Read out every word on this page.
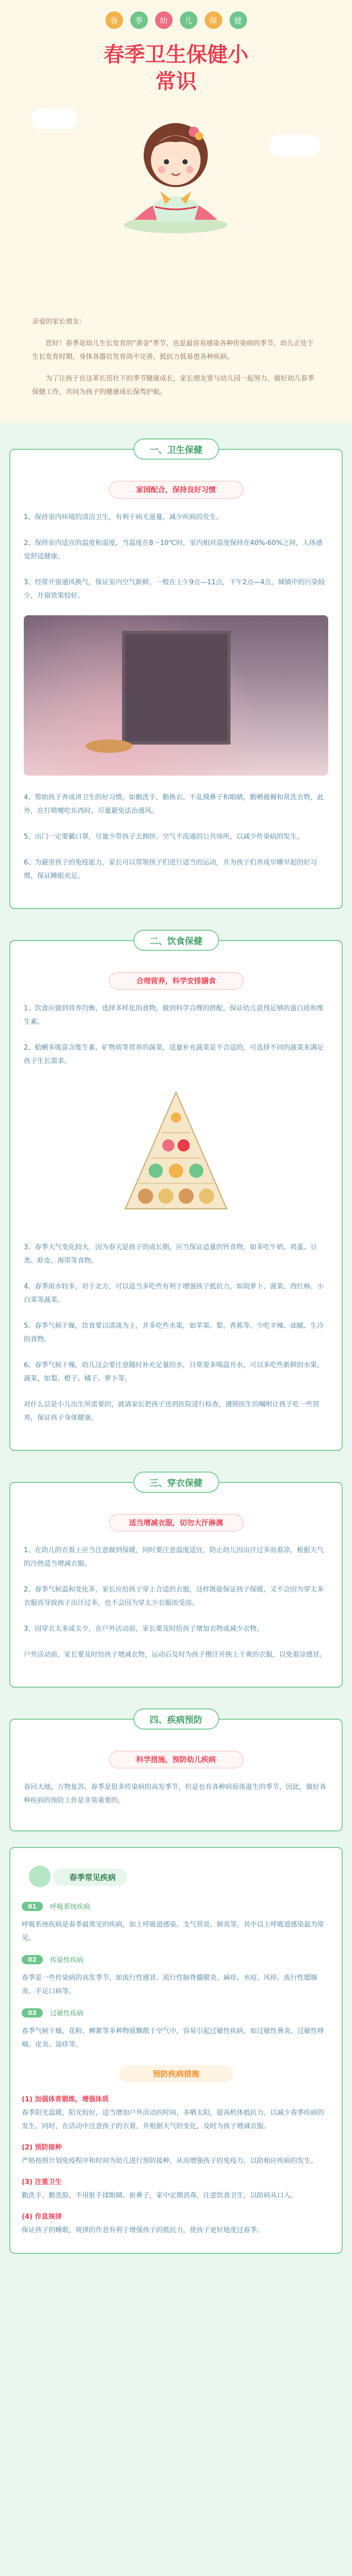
春	季	幼	儿	保	健
春季卫生保健小
常识

亲爱的家长朋友：

您好！春季是幼儿生长发育的"黄金"季节，也是最容易感染各种传染病的季节，幼儿正处于生长发育时期，身体各器官发育尚不完善，抵抗力低易患各种疾病。

为了让孩子在这革长茁壮下的季节健康成长，家长朋友要与幼儿园一起努力，做好幼儿春季保健工作，共同为孩子的健康成长保驾护航。

一、卫生保健
家园配合，保持良好习惯
1、保持室内环境的清洁卫生，有利于病无滋蔓，减少疾病的发生。
2、保持室内适宜的温度和湿度，当温度在8～10℃时，室内相对湿度保持在40%-60%之间，人体感觉舒适健康。
3、经常开窗通风换气，保证室内空气新鲜，一般在上午9点—11点，下午2点—4点，城镇中的污染较少，开窗效果较好。
4、帮助孩子养成讲卫生的好习惯，如勤洗手、勤换衣、不乱摸鼻子和眼睛，勤晒被褥和常洗衣物，此外，在打喷嚏吃东西时，尽量避免法治通风。
5、出门一定要戴口罩，尽量少带孩子去拥挤、空气不流通的公共场所，以减少传染病的发生。
6、为避害孩子的免疫能力，家长可以带领孩子们进行适当的运动，并为孩子们养成早睡早起的好习惯，保证睡眠充足。
二、饮食保健
合理营养，科学安排膳食
1、饮食应做到营养均衡，选择多样化的食物，做到科学合理的搭配，保证幼儿获得足够的蛋白质和维生素。
2、蛤蜊多吸富含维生素、矿物质等营养的蔬菜，适量补充蔬菜是不合适的，可选择不同的蔬菜来满足孩子生长需求。
3、春季天气变化较大，因为春天是孩子的成长期，应当保证适量的钙食物，如多吃牛奶、鸡蛋、豆类、虾皮、海带等食物。
4、春季雨水较多，对于北方，可以适当多吃些有利于增强孩子抵抗力，如胡萝卜、菠菜、西红柿、小白菜等蔬菜。
5、春季气候干燥，饮食要以清淡为主，并多吃些水果，如苹果、梨、香蕉等，少吃辛辣、油腻、生冷的食物。
6、春季气候干燥，幼儿这会要注意随时补充足量的水，日常要多喝温开水，可以多吃些新鲜的水果、蔬菜，如梨、橙子、橘子、萝卜等。
对什么总是小儿出生所需要的，就请家长把孩子送到医院进行检查，遵照医生的嘱咐让孩子吃一些营养，保证孩子身体健康。
三、穿衣保健
适当增减衣服，切勿大汗淋漓
1、在幼儿的衣着上应当注意做到保暖，同时要注意温度适宜，防止幼儿因出汗过多而着凉，根据天气的冷热适当增减衣服。
2、春季气候温和变化多，家长应给孩子穿上合适的衣服，这样既能保证孩子保暖，又不会因为穿太多衣服而导致孩子出汗过多，也不会因为穿太少衣服而受凉。
3、因穿衣太多或太少，在户外活动前，家长要及时给孩子增加衣物或减少衣物。
户外活动前，家长要及时给孩子增减衣物，运动后及时为孩子擦汗并换上干爽的衣服，以免着凉感冒。
四、疾病预防
科学措施，预防幼儿疾病
春回大地，万物复苏。春季是很多传染病的高发季节，但是也有各种病原体滋生的季节，因此，做好各种疾病的预防工作是非常重要的。
春季常见疾病
01	呼吸系统疾病
呼吸系统疾病是春季最常见的疾病，如上呼吸道感染、支气管炎、肺炎等，其中以上呼吸道感染最为常见。
02	传染性疾病
春季是一些传染病的高发季节，如流行性感冒、流行性脑脊髓膜炎、麻疹、水痘、风疹、流行性腮腺炎、手足口病等。
03	过敏性疾病
春季气候干燥，花粉、柳絮等多种物质飘散于空气中，容易引起过敏性疾病，如过敏性鼻炎、过敏性哮喘、皮炎、湿疹等。
预防疾病措施
(1) 加强体育锻炼，增强体质
春季阳光温暖，阳光较好，适当增加户外活动的时间，多晒太阳，提高机体抵抗力，以减少春季疾病的发生。同时，在活动中注意孩子的衣着，并根据天气的变化，及时为孩子增减衣服。
(2) 预防接种
严格按照计划免疫程序和时间为幼儿进行预防接种，从而增强孩子的免疫力，以防相应疾病的发生。
(3) 注重卫生
勤洗手、勤洗脸，不用脏手揉眼睛、抠鼻子，家中定期消毒，注意饮食卫生，以防病从口入。
(4) 作息规律
保证孩子的睡眠，规律的作息有利于增强孩子的抵抗力，使孩子更好地度过春季。
